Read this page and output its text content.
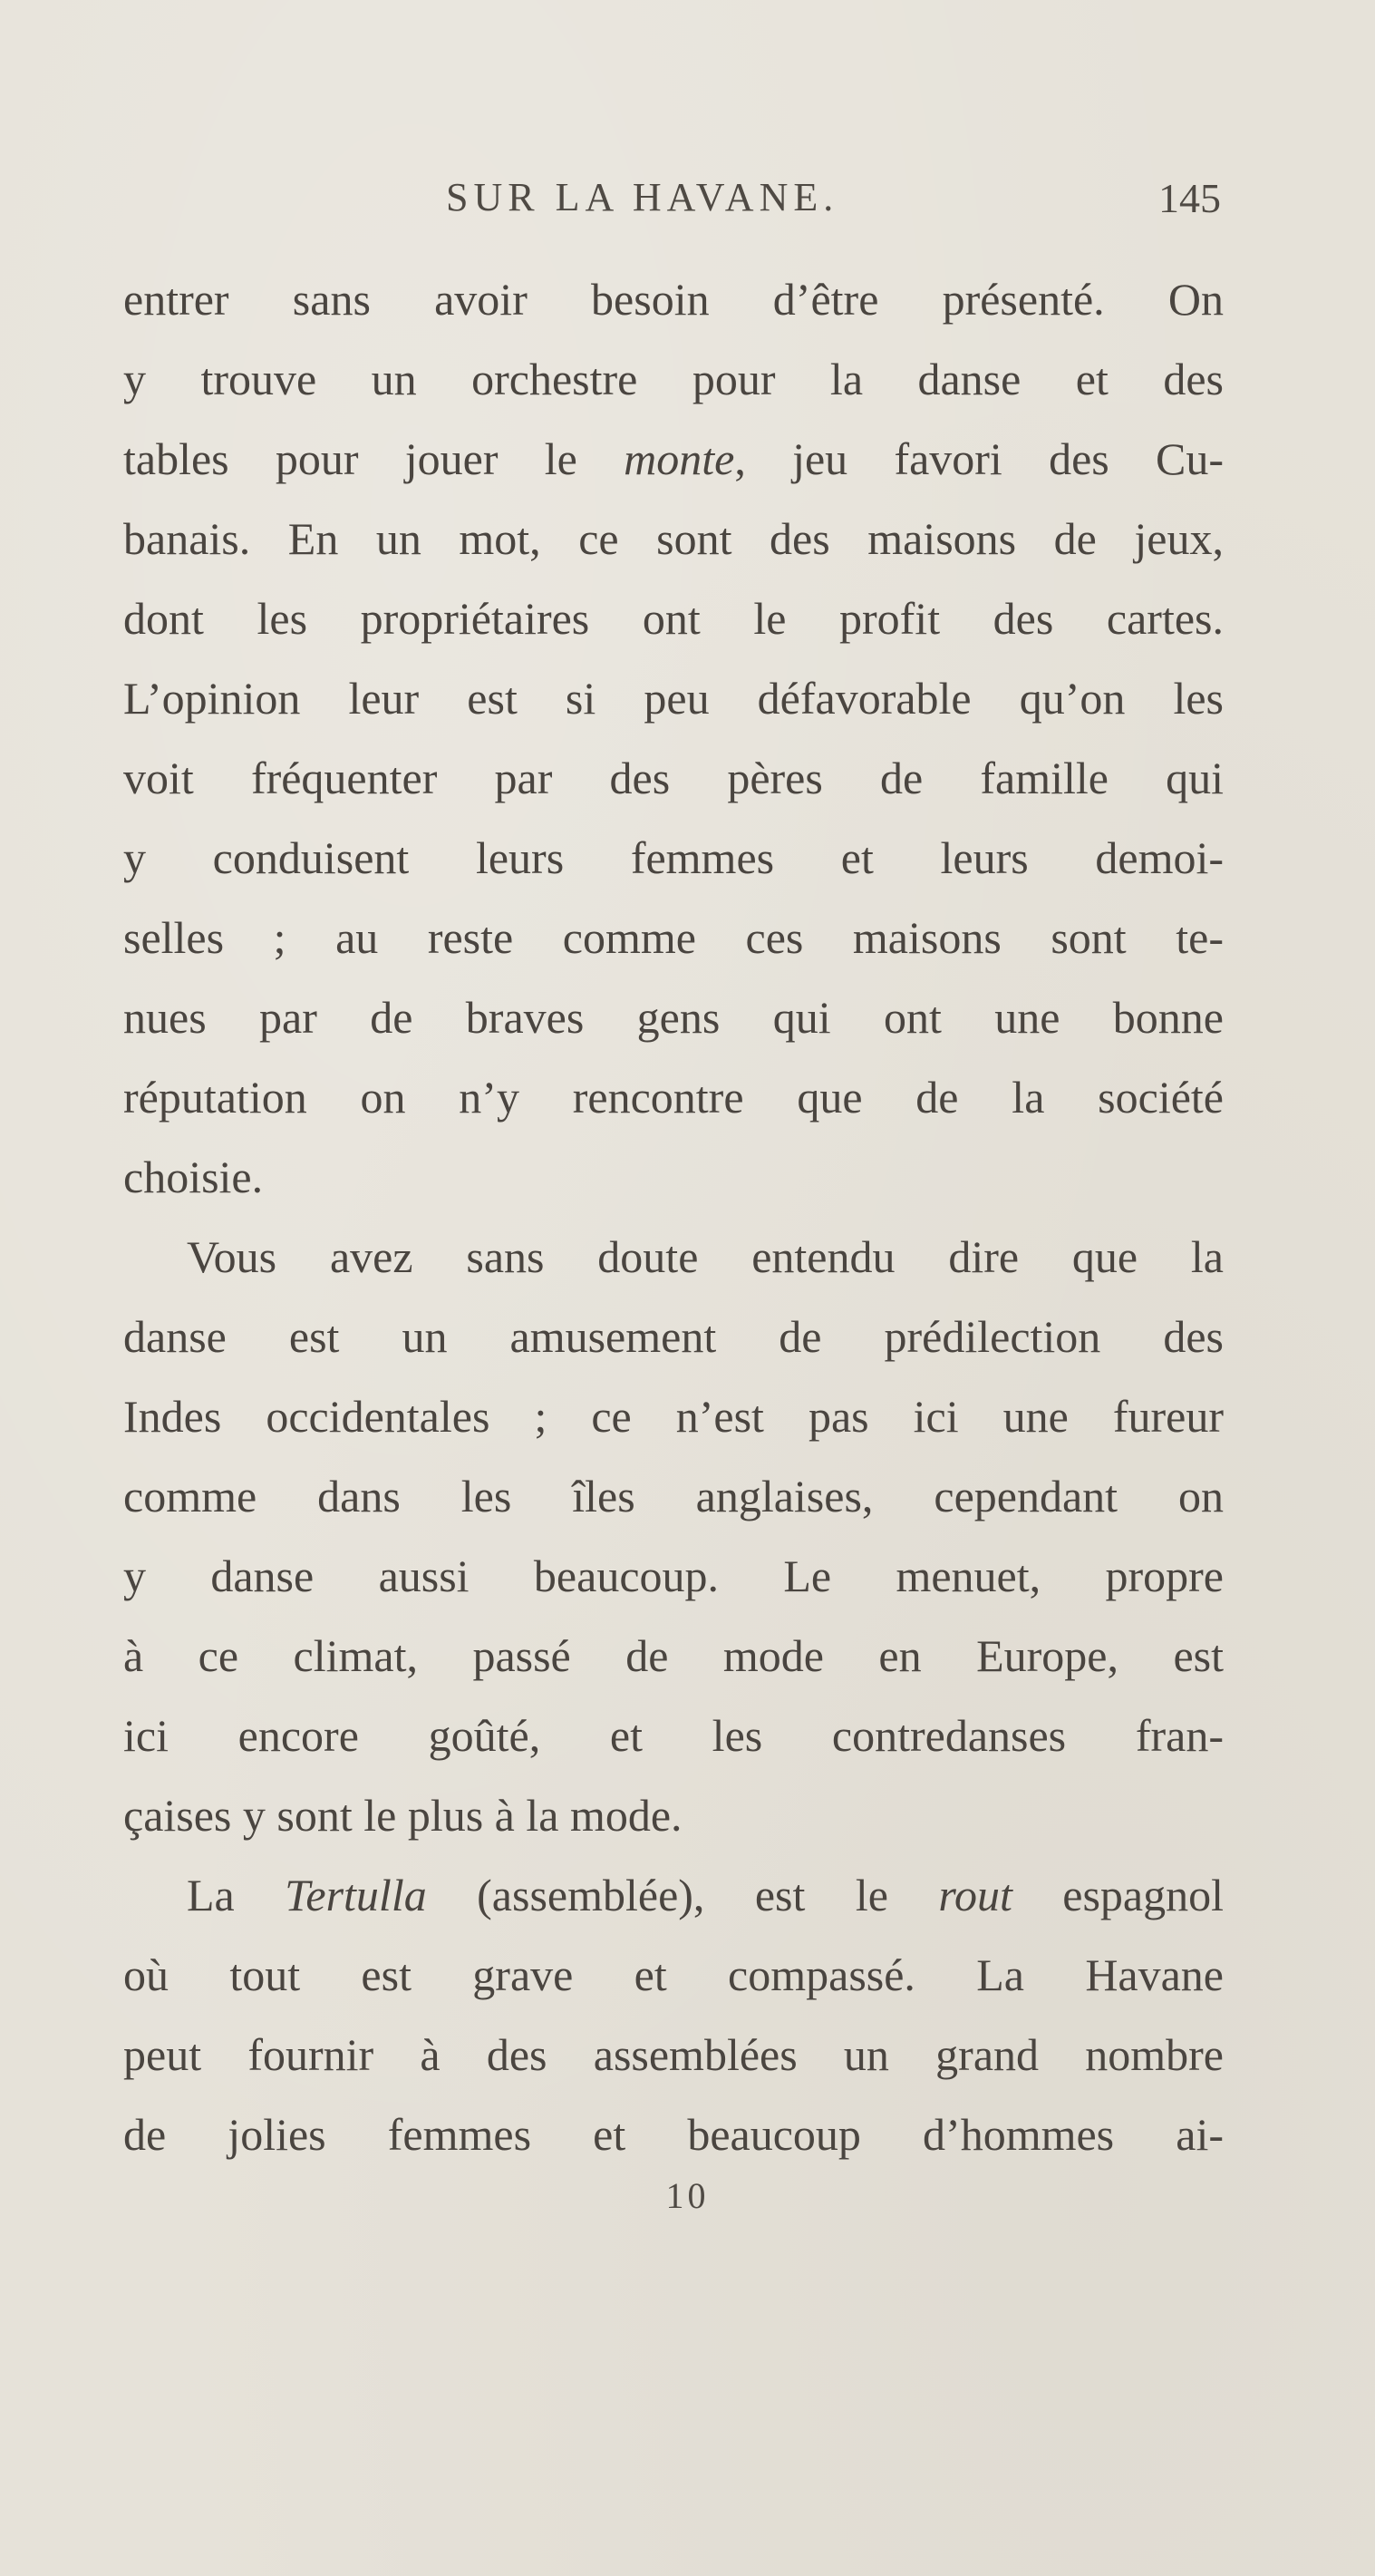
SUR LA HAVANE.	145
entrer sans avoir besoin d’être présenté. On
y trouve un orchestre pour la danse et des
tables pour jouer le monte, jeu favori des Cu-
banais. En un mot, ce sont des maisons de jeux,
dont les propriétaires ont le profit des cartes.
L’opinion leur est si peu défavorable qu’on les
voit fréquenter par des pères de famille qui
y conduisent leurs femmes et leurs demoi-
selles ; au reste comme ces maisons sont te-
nues par de braves gens qui ont une bonne
réputation on n’y rencontre que de la société
choisie.
Vous avez sans doute entendu dire que la
danse est un amusement de prédilection des
Indes occidentales ; ce n’est pas ici une fureur
comme dans les îles anglaises, cependant on
y danse aussi beaucoup. Le menuet, propre
à ce climat, passé de mode en Europe, est
ici encore goûté, et les contredanses fran-
çaises y sont le plus à la mode.
La Tertulla (assemblée), est le rout espagnol
où tout est grave et compassé. La Havane
peut fournir à des assemblées un grand nombre
de jolies femmes et beaucoup d’hommes ai-
10
